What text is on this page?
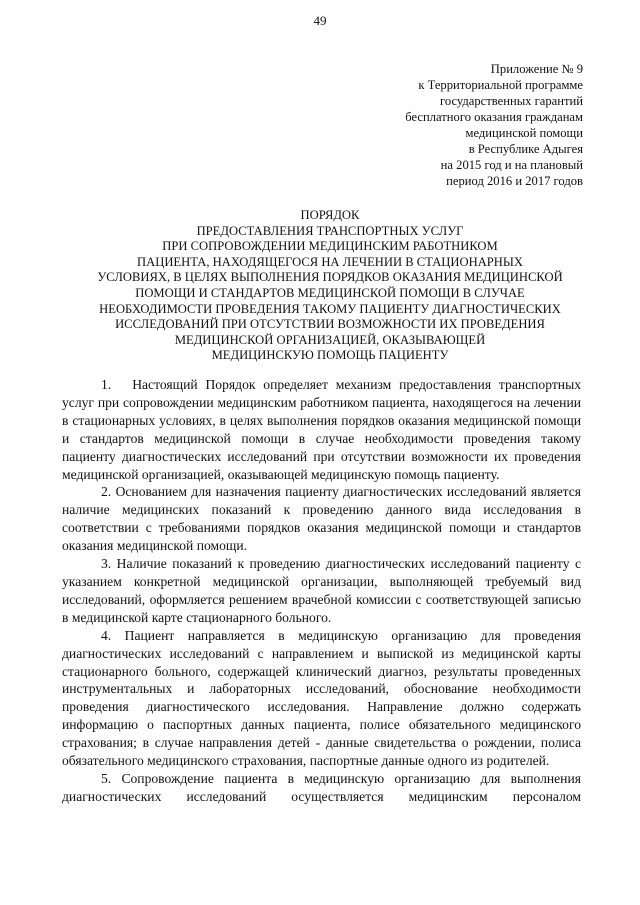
49
Приложение № 9
к Территориальной программе
государственных гарантий
бесплатного оказания гражданам
медицинской помощи
в Республике Адыгея
на 2015 год и на плановый
период 2016 и 2017 годов
ПОРЯДОК
ПРЕДОСТАВЛЕНИЯ ТРАНСПОРТНЫХ УСЛУГ
ПРИ СОПРОВОЖДЕНИИ МЕДИЦИНСКИМ РАБОТНИКОМ
ПАЦИЕНТА, НАХОДЯЩЕГОСЯ НА ЛЕЧЕНИИ В СТАЦИОНАРНЫХ
УСЛОВИЯХ, В ЦЕЛЯХ ВЫПОЛНЕНИЯ ПОРЯДКОВ ОКАЗАНИЯ МЕДИЦИНСКОЙ
ПОМОЩИ И СТАНДАРТОВ МЕДИЦИНСКОЙ ПОМОЩИ В СЛУЧАЕ
НЕОБХОДИМОСТИ ПРОВЕДЕНИЯ ТАКОМУ ПАЦИЕНТУ ДИАГНОСТИЧЕСКИХ
ИССЛЕДОВАНИЙ ПРИ ОТСУТСТВИИ ВОЗМОЖНОСТИ ИХ ПРОВЕДЕНИЯ
МЕДИЦИНСКОЙ ОРГАНИЗАЦИЕЙ, ОКАЗЫВАЮЩЕЙ
МЕДИЦИНСКУЮ ПОМОЩЬ ПАЦИЕНТУ

1. Настоящий Порядок определяет механизм предоставления транспортных услуг при сопровождении медицинским работником пациента, находящегося на лечении в стационарных условиях, в целях выполнения порядков оказания медицинской помощи и стандартов медицинской помощи в случае необходимости проведения такому пациенту диагностических исследований при отсутствии возможности их проведения медицинской организацией, оказывающей медицинскую помощь пациенту.

2. Основанием для назначения пациенту диагностических исследований является наличие медицинских показаний к проведению данного вида исследования в соответствии с требованиями порядков оказания медицинской помощи и стандартов оказания медицинской помощи.

3. Наличие показаний к проведению диагностических исследований пациенту с указанием конкретной медицинской организации, выполняющей требуемый вид исследований, оформляется решением врачебной комиссии с соответствующей записью в медицинской карте стационарного больного.

4. Пациент направляется в медицинскую организацию для проведения диагностических исследований с направлением и выпиской из медицинской карты стационарного больного, содержащей клинический диагноз, результаты проведенных инструментальных и лабораторных исследований, обоснование необходимости проведения диагностического исследования. Направление должно содержать информацию о паспортных данных пациента, полисе обязательного медицинского страхования; в случае направления детей - данные свидетельства о рождении, полиса обязательного медицинского страхования, паспортные данные одного из родителей.

5. Сопровождение пациента в медицинскую организацию для выполнения диагностических исследований осуществляется медицинским персоналом
